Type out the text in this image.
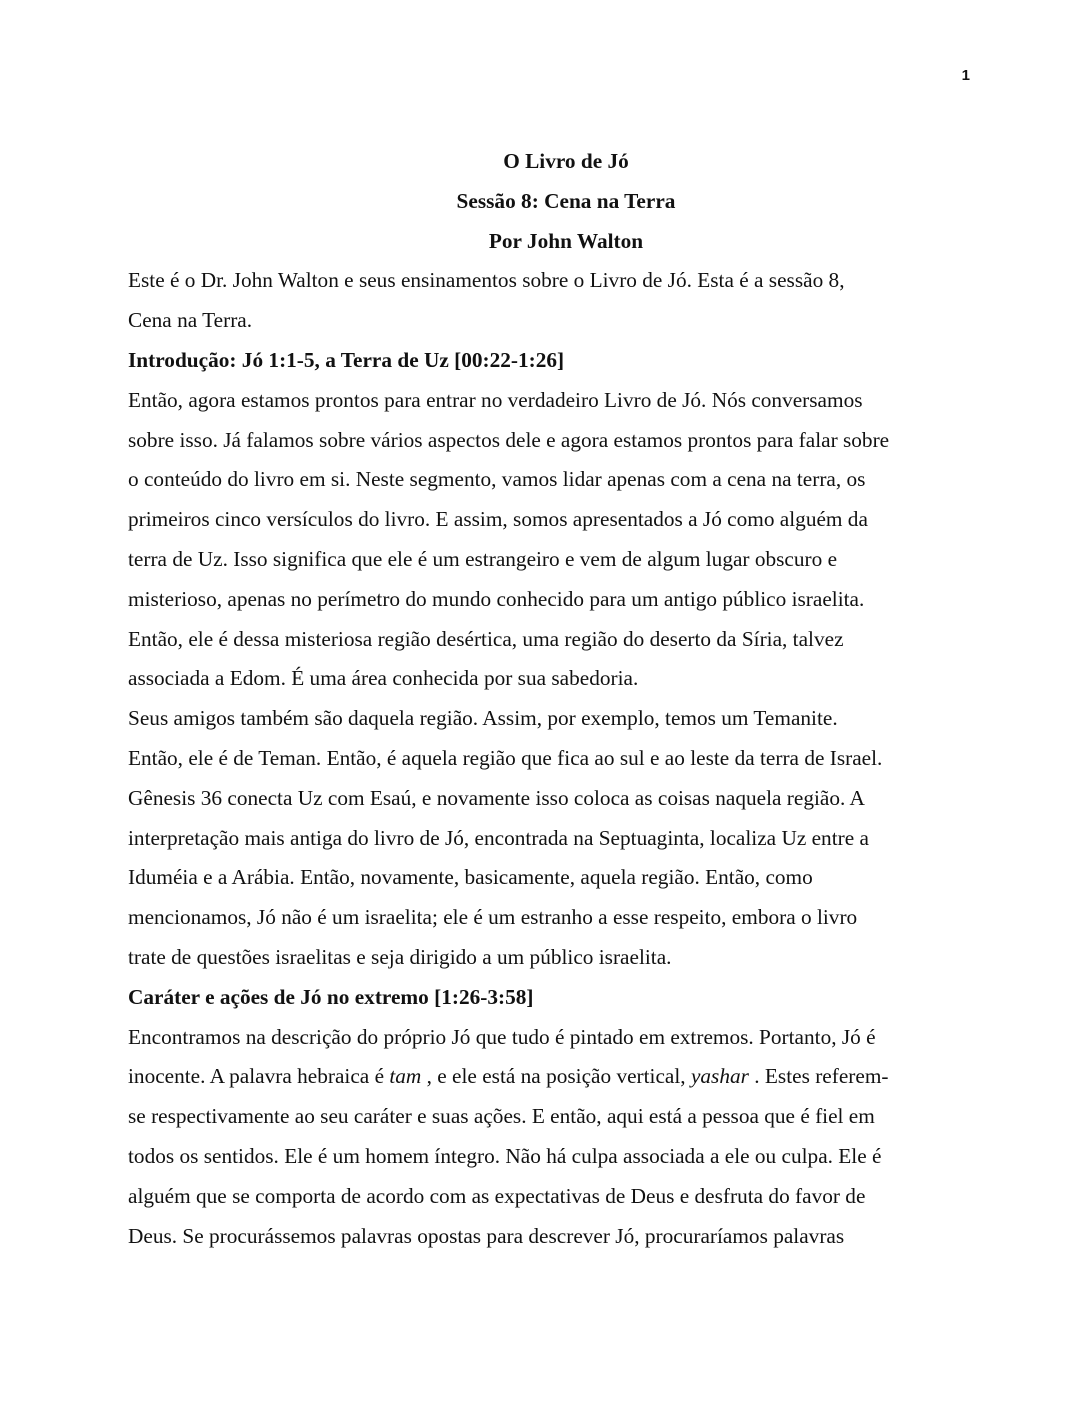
1

O Livro de Jó

Sessão 8: Cena na Terra

Por John Walton

Este é o Dr. John Walton e seus ensinamentos sobre o Livro de Jó. Esta é a sessão 8,
Cena na Terra.

Introdução: Jó 1:1-5, a Terra de Uz [00:22-1:26]

Então, agora estamos prontos para entrar no verdadeiro Livro de Jó. Nós conversamos
sobre isso. Já falamos sobre vários aspectos dele e agora estamos prontos para falar sobre
o conteúdo do livro em si. Neste segmento, vamos lidar apenas com a cena na terra, os
primeiros cinco versículos do livro. E assim, somos apresentados a Jó como alguém da
terra de Uz. Isso significa que ele é um estrangeiro e vem de algum lugar obscuro e
misterioso, apenas no perímetro do mundo conhecido para um antigo público israelita.
Então, ele é dessa misteriosa região desértica, uma região do deserto da Síria, talvez
associada a Edom. É uma área conhecida por sua sabedoria.

Seus amigos também são daquela região. Assim, por exemplo, temos um Temanite.
Então, ele é de Teman. Então, é aquela região que fica ao sul e ao leste da terra de Israel.
Gênesis 36 conecta Uz com Esaú, e novamente isso coloca as coisas naquela região. A
interpretação mais antiga do livro de Jó, encontrada na Septuaginta, localiza Uz entre a
Iduméia e a Arábia. Então, novamente, basicamente, aquela região. Então, como
mencionamos, Jó não é um israelita; ele é um estranho a esse respeito, embora o livro
trate de questões israelitas e seja dirigido a um público israelita.

Caráter e ações de Jó no extremo [1:26-3:58]

Encontramos na descrição do próprio Jó que tudo é pintado em extremos. Portanto, Jó é
inocente. A palavra hebraica é tam , e ele está na posição vertical, yashar . Estes referem-
se respectivamente ao seu caráter e suas ações. E então, aqui está a pessoa que é fiel em
todos os sentidos. Ele é um homem íntegro. Não há culpa associada a ele ou culpa. Ele é
alguém que se comporta de acordo com as expectativas de Deus e desfruta do favor de
Deus. Se procurássemos palavras opostas para descrever Jó, procuraríamos palavras
